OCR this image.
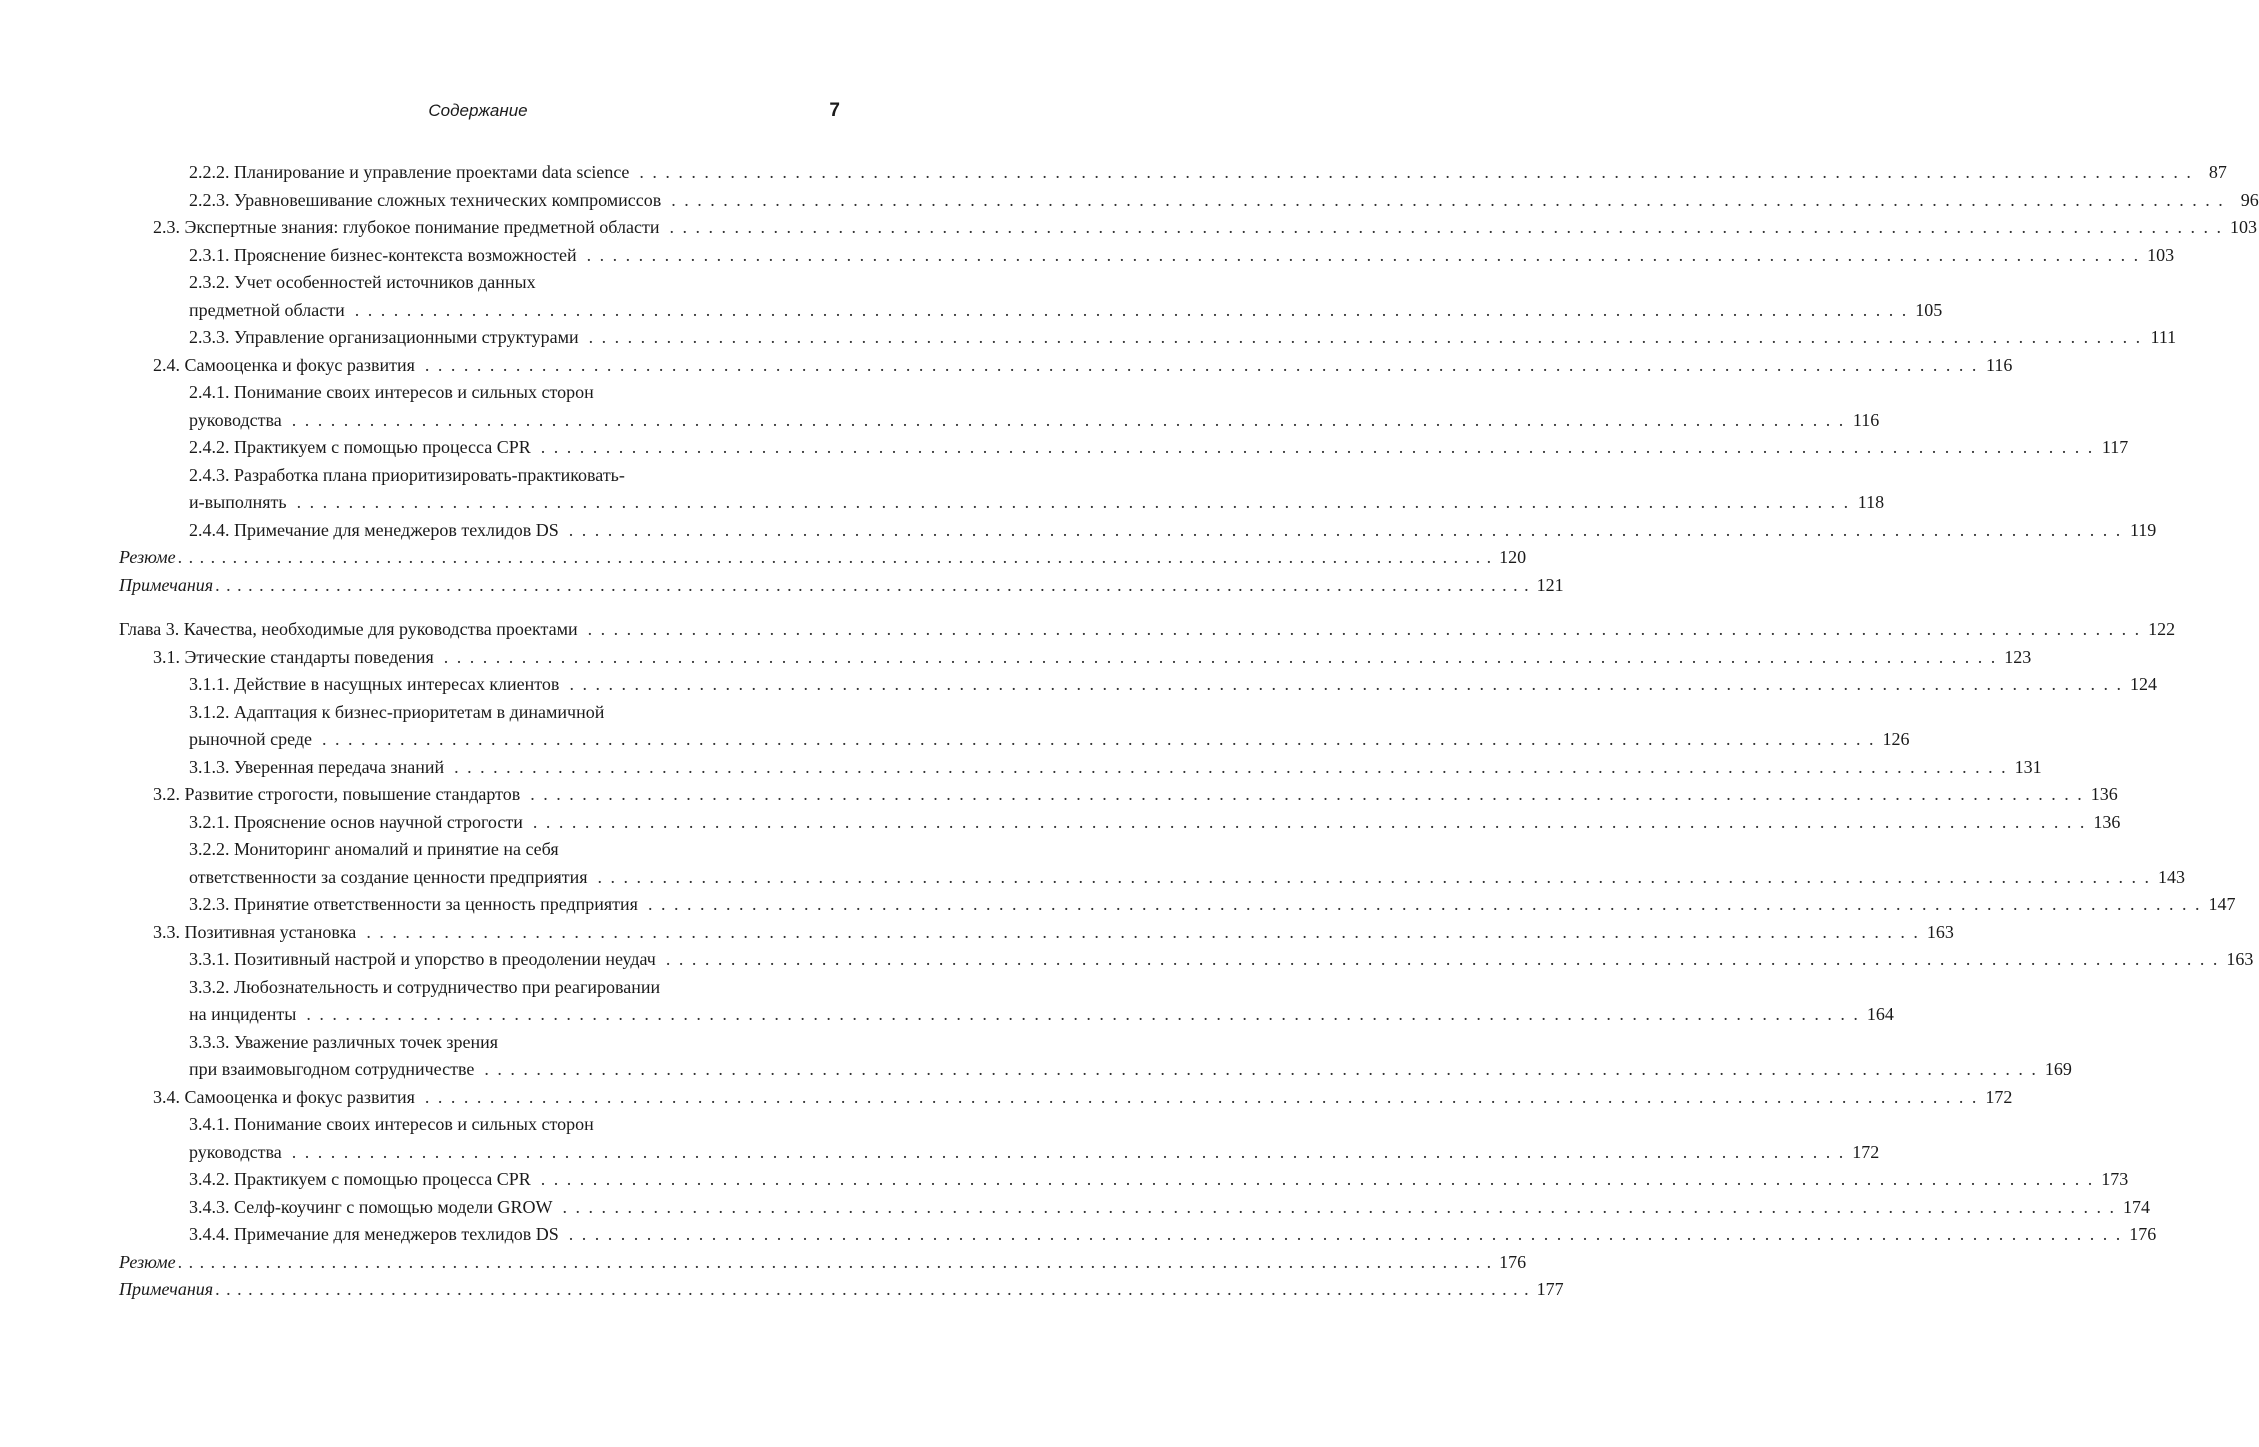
Содержание	7
2.2.2. Планирование и управление проектами data science . . . . . . . . . . . . . . . . . . . . . . . . . . . . . . . . . . . . . . . . . . . . . . . . . . . . . . . . . . . . . . . . . . . . . . . . . . . . . . . . . . . . . . . . . . . . . . . . . . . . . . . . . . . . . . . . . . . . . . . . 87
2.2.3. Уравновешивание сложных технических компромиссов . . . . . . . . . . . . . . . . . . . . . . . . . . . . . . . . . . . . . . . . . . . . . . . . . . . . . . . . . . . . . . . . . . . . . . . . . . . . . . . . . . . . . . . . . . . . . . . . . . . . . . . . . . . . . . . . . . . . . . . . 96
2.3. Экспертные знания: глубокое понимание предметной области . . . . . . . . . . . . . . . . . . . . . . . . . . . . . . . . . . . . . . . . . . . . . . . . . . . . . . . . . . . . . . . . . . . . . . . . . . . . . . . . . . . . . . . . . . . . . . . . . . . . . . . . . . . . . . . . . . . . . . . . 103
2.3.1. Прояснение бизнес-контекста возможностей . . . . . . . . . . . . . . . . . . . . . . . . . . . . . . . . . . . . . . . . . . . . . . . . . . . . . . . . . . . . . . . . . . . . . . . . . . . . . . . . . . . . . . . . . . . . . . . . . . . . . . . . . . . . . . . . . . . . . . . . 103
2.3.2. Учет особенностей источников данных
предметной области . . . . . . . . . . . . . . . . . . . . . . . . . . . . . . . . . . . . . . . . . . . . . . . . . . . . . . . . . . . . . . . . . . . . . . . . . . . . . . . . . . . . . . . . . . . . . . . . . . . . . . . . . . . . . . . . . . . . . . . . 105
2.3.3. Управление организационными структурами . . . . . . . . . . . . . . . . . . . . . . . . . . . . . . . . . . . . . . . . . . . . . . . . . . . . . . . . . . . . . . . . . . . . . . . . . . . . . . . . . . . . . . . . . . . . . . . . . . . . . . . . . . . . . . . . . . . . . . . . 111
2.4. Самооценка и фокус развития . . . . . . . . . . . . . . . . . . . . . . . . . . . . . . . . . . . . . . . . . . . . . . . . . . . . . . . . . . . . . . . . . . . . . . . . . . . . . . . . . . . . . . . . . . . . . . . . . . . . . . . . . . . . . . . . . . . . . . . . 116
2.4.1. Понимание своих интересов и сильных сторон
руководства . . . . . . . . . . . . . . . . . . . . . . . . . . . . . . . . . . . . . . . . . . . . . . . . . . . . . . . . . . . . . . . . . . . . . . . . . . . . . . . . . . . . . . . . . . . . . . . . . . . . . . . . . . . . . . . . . . . . . . . . 116
2.4.2. Практикуем с помощью процесса CPR . . . . . . . . . . . . . . . . . . . . . . . . . . . . . . . . . . . . . . . . . . . . . . . . . . . . . . . . . . . . . . . . . . . . . . . . . . . . . . . . . . . . . . . . . . . . . . . . . . . . . . . . . . . . . . . . . . . . . . . . 117
2.4.3. Разработка плана приоритизировать-практиковать-
и-выполнять . . . . . . . . . . . . . . . . . . . . . . . . . . . . . . . . . . . . . . . . . . . . . . . . . . . . . . . . . . . . . . . . . . . . . . . . . . . . . . . . . . . . . . . . . . . . . . . . . . . . . . . . . . . . . . . . . . . . . . . . 118
2.4.4. Примечание для менеджеров техлидов DS . . . . . . . . . . . . . . . . . . . . . . . . . . . . . . . . . . . . . . . . . . . . . . . . . . . . . . . . . . . . . . . . . . . . . . . . . . . . . . . . . . . . . . . . . . . . . . . . . . . . . . . . . . . . . . . . . . . . . . . . 119
Резюме . . . . . . . . . . . . . . . . . . . . . . . . . . . . . . . . . . . . . . . . . . . . . . . . . . . . . . . . . . . . . . . . . . . . . . . . . . . . . . . . . . . . . . . . . . . . . . . . . . . . . . . . . . . . . . . . . . . . . . . . 120
Примечания . . . . . . . . . . . . . . . . . . . . . . . . . . . . . . . . . . . . . . . . . . . . . . . . . . . . . . . . . . . . . . . . . . . . . . . . . . . . . . . . . . . . . . . . . . . . . . . . . . . . . . . . . . . . . . . . . . . . . . . . 121
Глава 3. Качества, необходимые для руководства проектами . . . . . . . . . . . . . . . . . . . . . . . . . . . . . . . . . . . . . . . . . . . . . . . . . . . . . . . . . . . . . . . . . . . . . . . . . . . . . . . . . . . . . . . . . . . . . . . . . . . . . . . . . . . . . . . . . . . . . . . . 122
3.1. Этические стандарты поведения . . . . . . . . . . . . . . . . . . . . . . . . . . . . . . . . . . . . . . . . . . . . . . . . . . . . . . . . . . . . . . . . . . . . . . . . . . . . . . . . . . . . . . . . . . . . . . . . . . . . . . . . . . . . . . . . . . . . . . . . 123
3.1.1. Действие в насущных интересах клиентов . . . . . . . . . . . . . . . . . . . . . . . . . . . . . . . . . . . . . . . . . . . . . . . . . . . . . . . . . . . . . . . . . . . . . . . . . . . . . . . . . . . . . . . . . . . . . . . . . . . . . . . . . . . . . . . . . . . . . . . . 124
3.1.2. Адаптация к бизнес-приоритетам в динамичной
рыночной среде . . . . . . . . . . . . . . . . . . . . . . . . . . . . . . . . . . . . . . . . . . . . . . . . . . . . . . . . . . . . . . . . . . . . . . . . . . . . . . . . . . . . . . . . . . . . . . . . . . . . . . . . . . . . . . . . . . . . . . . . 126
3.1.3. Уверенная передача знаний . . . . . . . . . . . . . . . . . . . . . . . . . . . . . . . . . . . . . . . . . . . . . . . . . . . . . . . . . . . . . . . . . . . . . . . . . . . . . . . . . . . . . . . . . . . . . . . . . . . . . . . . . . . . . . . . . . . . . . . . 131
3.2. Развитие строгости, повышение стандартов . . . . . . . . . . . . . . . . . . . . . . . . . . . . . . . . . . . . . . . . . . . . . . . . . . . . . . . . . . . . . . . . . . . . . . . . . . . . . . . . . . . . . . . . . . . . . . . . . . . . . . . . . . . . . . . . . . . . . . . . 136
3.2.1. Прояснение основ научной строгости . . . . . . . . . . . . . . . . . . . . . . . . . . . . . . . . . . . . . . . . . . . . . . . . . . . . . . . . . . . . . . . . . . . . . . . . . . . . . . . . . . . . . . . . . . . . . . . . . . . . . . . . . . . . . . . . . . . . . . . . 136
3.2.2. Мониторинг аномалий и принятие на себя
ответственности за создание ценности предприятия . . . . . . . . . . . . . . . . . . . . . . . . . . . . . . . . . . . . . . . . . . . . . . . . . . . . . . . . . . . . . . . . . . . . . . . . . . . . . . . . . . . . . . . . . . . . . . . . . . . . . . . . . . . . . . . . . . . . . . . . 143
3.2.3. Принятие ответственности за ценность предприятия . . . . . . . . . . . . . . . . . . . . . . . . . . . . . . . . . . . . . . . . . . . . . . . . . . . . . . . . . . . . . . . . . . . . . . . . . . . . . . . . . . . . . . . . . . . . . . . . . . . . . . . . . . . . . . . . . . . . . . . . 147
3.3. Позитивная установка . . . . . . . . . . . . . . . . . . . . . . . . . . . . . . . . . . . . . . . . . . . . . . . . . . . . . . . . . . . . . . . . . . . . . . . . . . . . . . . . . . . . . . . . . . . . . . . . . . . . . . . . . . . . . . . . . . . . . . . . 163
3.3.1. Позитивный настрой и упорство в преодолении неудач . . . . . . . . . . . . . . . . . . . . . . . . . . . . . . . . . . . . . . . . . . . . . . . . . . . . . . . . . . . . . . . . . . . . . . . . . . . . . . . . . . . . . . . . . . . . . . . . . . . . . . . . . . . . . . . . . . . . . . . . 163
3.3.2. Любознательность и сотрудничество при реагировании
на инциденты . . . . . . . . . . . . . . . . . . . . . . . . . . . . . . . . . . . . . . . . . . . . . . . . . . . . . . . . . . . . . . . . . . . . . . . . . . . . . . . . . . . . . . . . . . . . . . . . . . . . . . . . . . . . . . . . . . . . . . . . 164
3.3.3. Уважение различных точек зрения
при взаимовыгодном сотрудничестве . . . . . . . . . . . . . . . . . . . . . . . . . . . . . . . . . . . . . . . . . . . . . . . . . . . . . . . . . . . . . . . . . . . . . . . . . . . . . . . . . . . . . . . . . . . . . . . . . . . . . . . . . . . . . . . . . . . . . . . . 169
3.4. Самооценка и фокус развития . . . . . . . . . . . . . . . . . . . . . . . . . . . . . . . . . . . . . . . . . . . . . . . . . . . . . . . . . . . . . . . . . . . . . . . . . . . . . . . . . . . . . . . . . . . . . . . . . . . . . . . . . . . . . . . . . . . . . . . . 172
3.4.1. Понимание своих интересов и сильных сторон
руководства . . . . . . . . . . . . . . . . . . . . . . . . . . . . . . . . . . . . . . . . . . . . . . . . . . . . . . . . . . . . . . . . . . . . . . . . . . . . . . . . . . . . . . . . . . . . . . . . . . . . . . . . . . . . . . . . . . . . . . . . 172
3.4.2. Практикуем с помощью процесса CPR . . . . . . . . . . . . . . . . . . . . . . . . . . . . . . . . . . . . . . . . . . . . . . . . . . . . . . . . . . . . . . . . . . . . . . . . . . . . . . . . . . . . . . . . . . . . . . . . . . . . . . . . . . . . . . . . . . . . . . . . 173
3.4.3. Селф-коучинг с помощью модели GROW . . . . . . . . . . . . . . . . . . . . . . . . . . . . . . . . . . . . . . . . . . . . . . . . . . . . . . . . . . . . . . . . . . . . . . . . . . . . . . . . . . . . . . . . . . . . . . . . . . . . . . . . . . . . . . . . . . . . . . . . 174
3.4.4. Примечание для менеджеров техлидов DS . . . . . . . . . . . . . . . . . . . . . . . . . . . . . . . . . . . . . . . . . . . . . . . . . . . . . . . . . . . . . . . . . . . . . . . . . . . . . . . . . . . . . . . . . . . . . . . . . . . . . . . . . . . . . . . . . . . . . . . . 176
Резюме . . . . . . . . . . . . . . . . . . . . . . . . . . . . . . . . . . . . . . . . . . . . . . . . . . . . . . . . . . . . . . . . . . . . . . . . . . . . . . . . . . . . . . . . . . . . . . . . . . . . . . . . . . . . . . . . . . . . . . . . 176
Примечания . . . . . . . . . . . . . . . . . . . . . . . . . . . . . . . . . . . . . . . . . . . . . . . . . . . . . . . . . . . . . . . . . . . . . . . . . . . . . . . . . . . . . . . . . . . . . . . . . . . . . . . . . . . . . . . . . . . . . . . . 177
